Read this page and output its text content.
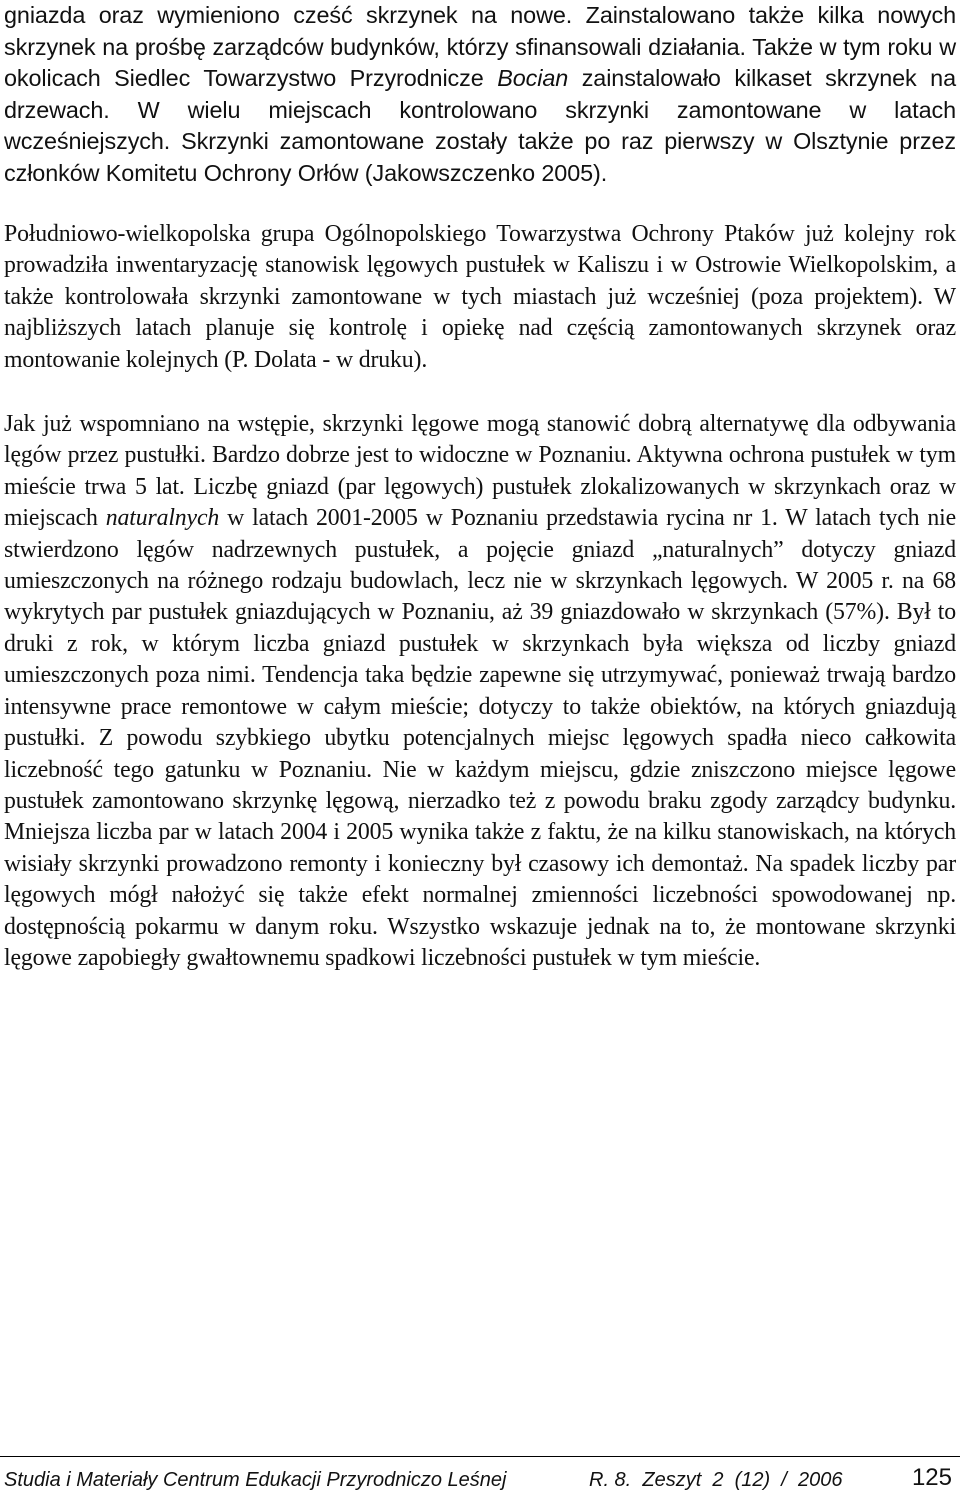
gniazda oraz wymieniono cześć skrzynek na nowe. Zainstalowano także kilka nowych skrzynek na prośbę zarządców budynków, którzy sfinansowali działania. Także w tym roku w okolicach Siedlec Towarzystwo Przyrodnicze Bocian zainstalowało kilkaset skrzynek na drzewach. W wielu miejscach kontrolowano skrzynki zamontowane w latach wcześniejszych. Skrzynki zamontowane zostały także po raz pierwszy w Olsztynie przez członków Komitetu Ochrony Orłów (Jakowszczenko 2005).

Południowo-wielkopolska grupa Ogólnopolskiego Towarzystwa Ochrony Ptaków już kolejny rok prowadziła inwentaryzację stanowisk lęgowych pustułek w Kaliszu i w Ostrowie Wielkopolskim, a także kontrolowała skrzynki zamontowane w tych miastach już wcześniej (poza projektem). W najbliższych latach planuje się kontrolę i opiekę nad częścią zamontowanych skrzynek oraz montowanie kolejnych (P. Dolata - w druku).

Jak już wspomniano na wstępie, skrzynki lęgowe mogą stanowić dobrą alternatywę dla odbywania lęgów przez pustułki. Bardzo dobrze jest to widoczne w Poznaniu. Aktywna ochrona pustułek w tym mieście trwa 5 lat. Liczbę gniazd (par lęgowych) pustułek zlokalizowanych w skrzynkach oraz w miejscach naturalnych w latach 2001-2005 w Poznaniu przedstawia rycina nr 1. W latach tych nie stwierdzono lęgów nadrzewnych pustułek, a pojęcie gniazd „naturalnych” dotyczy gniazd umieszczonych na różnego rodzaju budowlach, lecz nie w skrzynkach lęgowych. W 2005 r. na 68 wykrytych par pustułek gniazdujących w Poznaniu, aż 39 gniazdowało w skrzynkach (57%). Był to druki z rok, w którym liczba gniazd pustułek w skrzynkach była większa od liczby gniazd umieszczonych poza nimi. Tendencja taka będzie zapewne się utrzymywać, ponieważ trwają bardzo intensywne prace remontowe w całym mieście; dotyczy to także obiektów, na których gniazdują pustułki. Z powodu szybkiego ubytku potencjalnych miejsc lęgowych spadła nieco całkowita liczebność tego gatunku w Poznaniu. Nie w każdym miejscu, gdzie zniszczono miejsce lęgowe pustułek zamontowano skrzynkę lęgową, nierzadko też z powodu braku zgody zarządcy budynku. Mniejsza liczba par w latach 2004 i 2005 wynika także z faktu, że na kilku stanowiskach, na których wisiały skrzynki prowadzono remonty i konieczny był czasowy ich demontaż. Na spadek liczby par lęgowych mógł nałożyć się także efekt normalnej zmienności liczebności spowodowanej np. dostępnością pokarmu w danym roku. Wszystko wskazuje jednak na to, że montowane skrzynki lęgowe zapobiegły gwałtownemu spadkowi liczebności pustułek w tym mieście.

Studia i Materiały Centrum Edukacji Przyrodniczo Leśnej	R. 8.  Zeszyt  2  (12)  /  2006	125
